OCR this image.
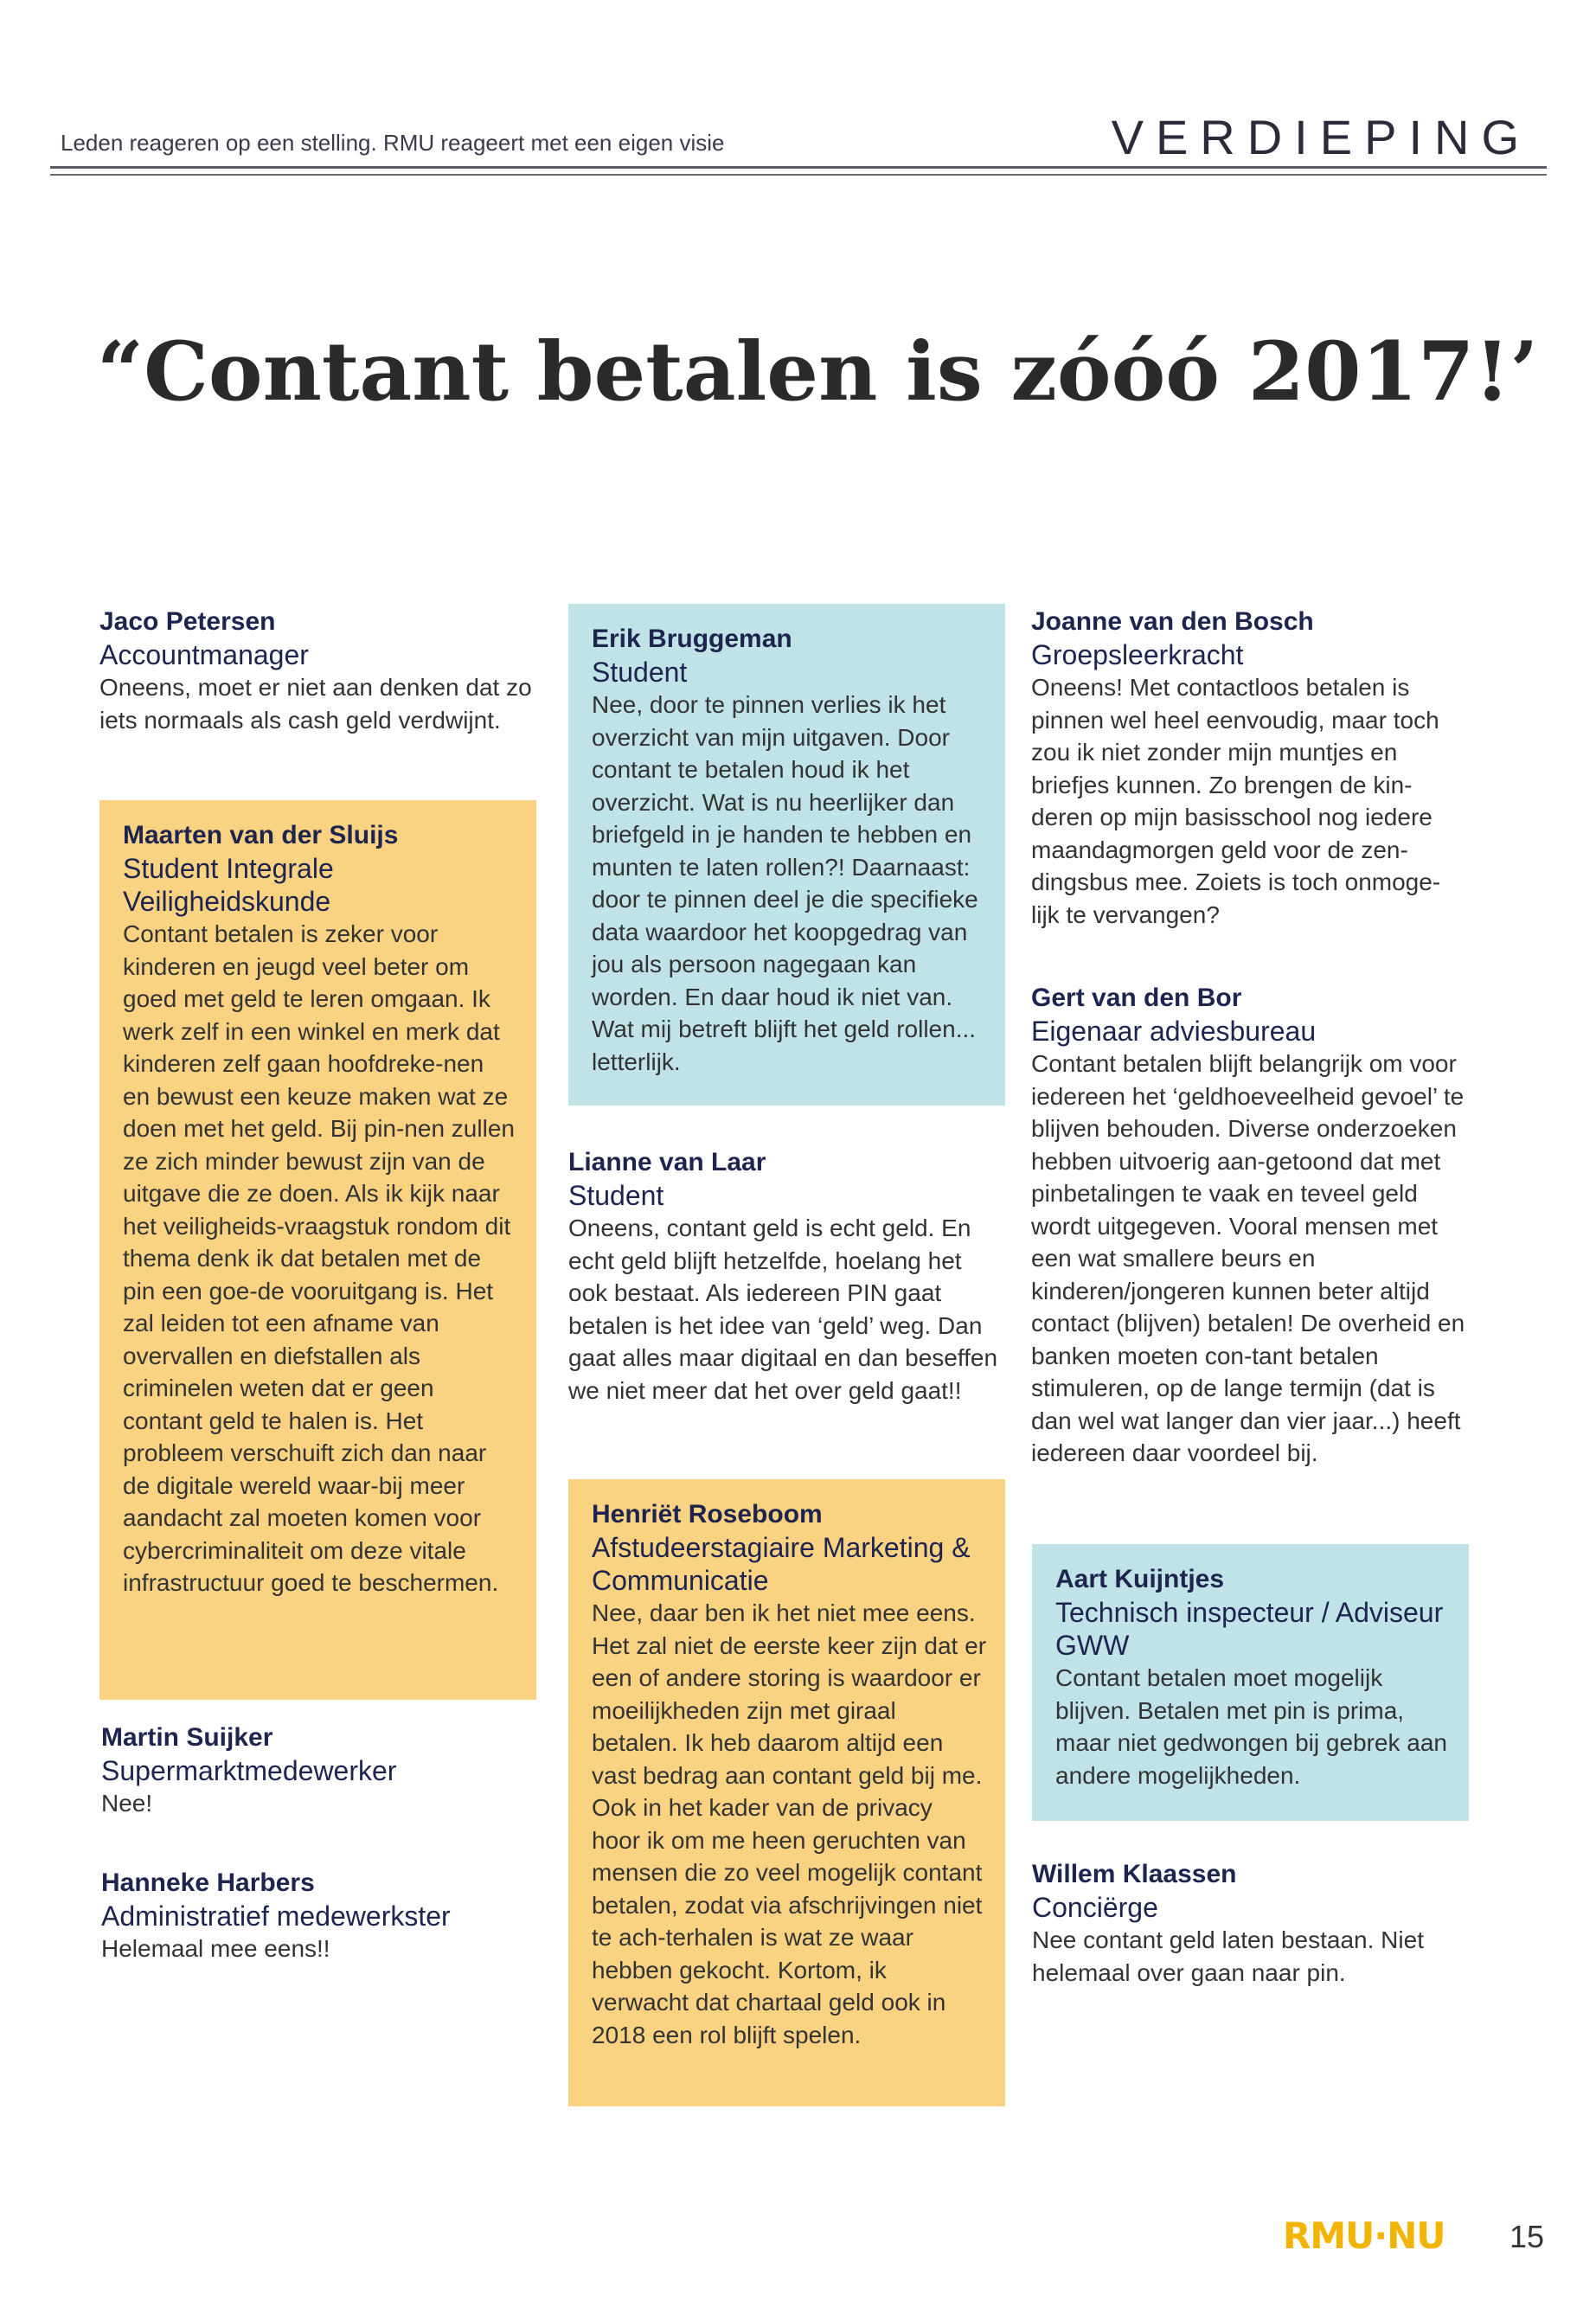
Leden reageren op een stelling. RMU reageert met een eigen visie	VERDIEPING
“Contant betalen is zóóó 2017!’
Jaco Petersen
Accountmanager
Oneens, moet er niet aan denken dat zo iets normaals als cash geld verdwijnt.
Maarten van der Sluijs
Student Integrale Veiligheidskunde
Contant betalen is zeker voor kinderen en jeugd veel beter om goed met geld te leren omgaan. Ik werk zelf in een winkel en merk dat kinderen zelf gaan hoofdreke-nen en bewust een keuze maken wat ze doen met het geld. Bij pin-nen zullen ze zich minder bewust zijn van de uitgave die ze doen. Als ik kijk naar het veiligheids-vraagstuk rondom dit thema denk ik dat betalen met de pin een goe-de vooruitgang is. Het zal leiden tot een afname van overvallen en diefstallen als criminelen weten dat er geen contant geld te halen is. Het probleem verschuift zich dan naar de digitale wereld waar-bij meer aandacht zal moeten komen voor cybercriminaliteit om deze vitale infrastructuur goed te beschermen.
Martin Suijker
Supermarktmedewerker
Nee!
Hanneke Harbers
Administratief medewerkster
Helemaal mee eens!!
Erik Bruggeman
Student
Nee, door te pinnen verlies ik het overzicht van mijn uitgaven. Door contant te betalen houd ik het overzicht. Wat is nu heerlijker dan briefgeld in je handen te hebben en munten te laten rollen?! Daarnaast: door te pinnen deel je die specifieke data waardoor het koopgedrag van jou als persoon nagegaan kan worden. En daar houd ik niet van. Wat mij betreft blijft het geld rollen... letterlijk.
Lianne van Laar
Student
Oneens, contant geld is echt geld. En echt geld blijft hetzelfde, hoelang het ook bestaat. Als iedereen PIN gaat betalen is het idee van ‘geld’ weg. Dan gaat alles maar digitaal en dan beseffen we niet meer dat het over geld gaat!!
Henriët Roseboom
Afstudeerstagiaire Marketing & Communicatie
Nee, daar ben ik het niet mee eens. Het zal niet de eerste keer zijn dat er een of andere storing is waardoor er moeilijkheden zijn met giraal betalen. Ik heb daarom altijd een vast bedrag aan contant geld bij me. Ook in het kader van de privacy hoor ik om me heen geruchten van mensen die zo veel mogelijk contant betalen, zodat via afschrijvingen niet te ach-terhalen is wat ze waar hebben gekocht. Kortom, ik verwacht dat chartaal geld ook in 2018 een rol blijft spelen.
Joanne van den Bosch
Groepsleerkracht
Oneens! Met contactloos betalen is pinnen wel heel eenvoudig, maar toch zou ik niet zonder mijn muntjes en briefjes kunnen. Zo brengen de kin-deren op mijn basisschool nog iedere maandagmorgen geld voor de zen-dingsbus mee. Zoiets is toch onmoge-lijk te vervangen?
Gert van den Bor
Eigenaar adviesbureau
Contant betalen blijft belangrijk om voor iedereen het ‘geldhoeveelheid gevoel’ te blijven behouden. Diverse onderzoeken hebben uitvoerig aan-getoond dat met pinbetalingen te vaak en teveel geld wordt uitgegeven. Vooral mensen met een wat smallere beurs en kinderen/jongeren kunnen beter altijd contact (blijven) betalen! De overheid en banken moeten con-tant betalen stimuleren, op de lange termijn (dat is dan wel wat langer dan vier jaar...) heeft iedereen daar voordeel bij.
Aart Kuijntjes
Technisch inspecteur / Adviseur GWW
Contant betalen moet mogelijk blijven. Betalen met pin is prima, maar niet gedwongen bij gebrek aan andere mogelijkheden.
Willem Klaassen
Conciërge
Nee contant geld laten bestaan. Niet helemaal over gaan naar pin.
RMU·NU 15
